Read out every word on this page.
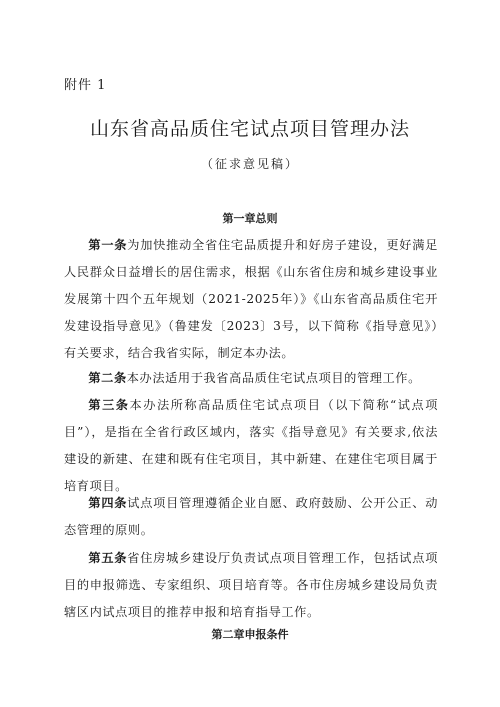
附件 1
山东省高品质住宅试点项目管理办法
（征求意见稿）
第一章总则
第一条为加快推动全省住宅品质提升和好房子建设，更好满足人民群众日益增长的居住需求，根据《山东省住房和城乡建设事业发展第十四个五年规划（2021-2025年）》《山东省高品质住宅开发建设指导意见》（鲁建发〔2023〕3号，以下简称《指导意见》）有关要求，结合我省实际，制定本办法。
第二条本办法适用于我省高品质住宅试点项目的管理工作。
第三条本办法所称高品质住宅试点项目（以下简称“试点项目”），是指在全省行政区域内，落实《指导意见》有关要求,依法建设的新建、在建和既有住宅项目，其中新建、在建住宅项目属于培育项目。
第四条试点项目管理遵循企业自愿、政府鼓励、公开公正、动态管理的原则。
第五条省住房城乡建设厅负责试点项目管理工作，包括试点项目的申报筛选、专家组织、项目培育等。各市住房城乡建设局负责辖区内试点项目的推荐申报和培育指导工作。
第二章申报条件
